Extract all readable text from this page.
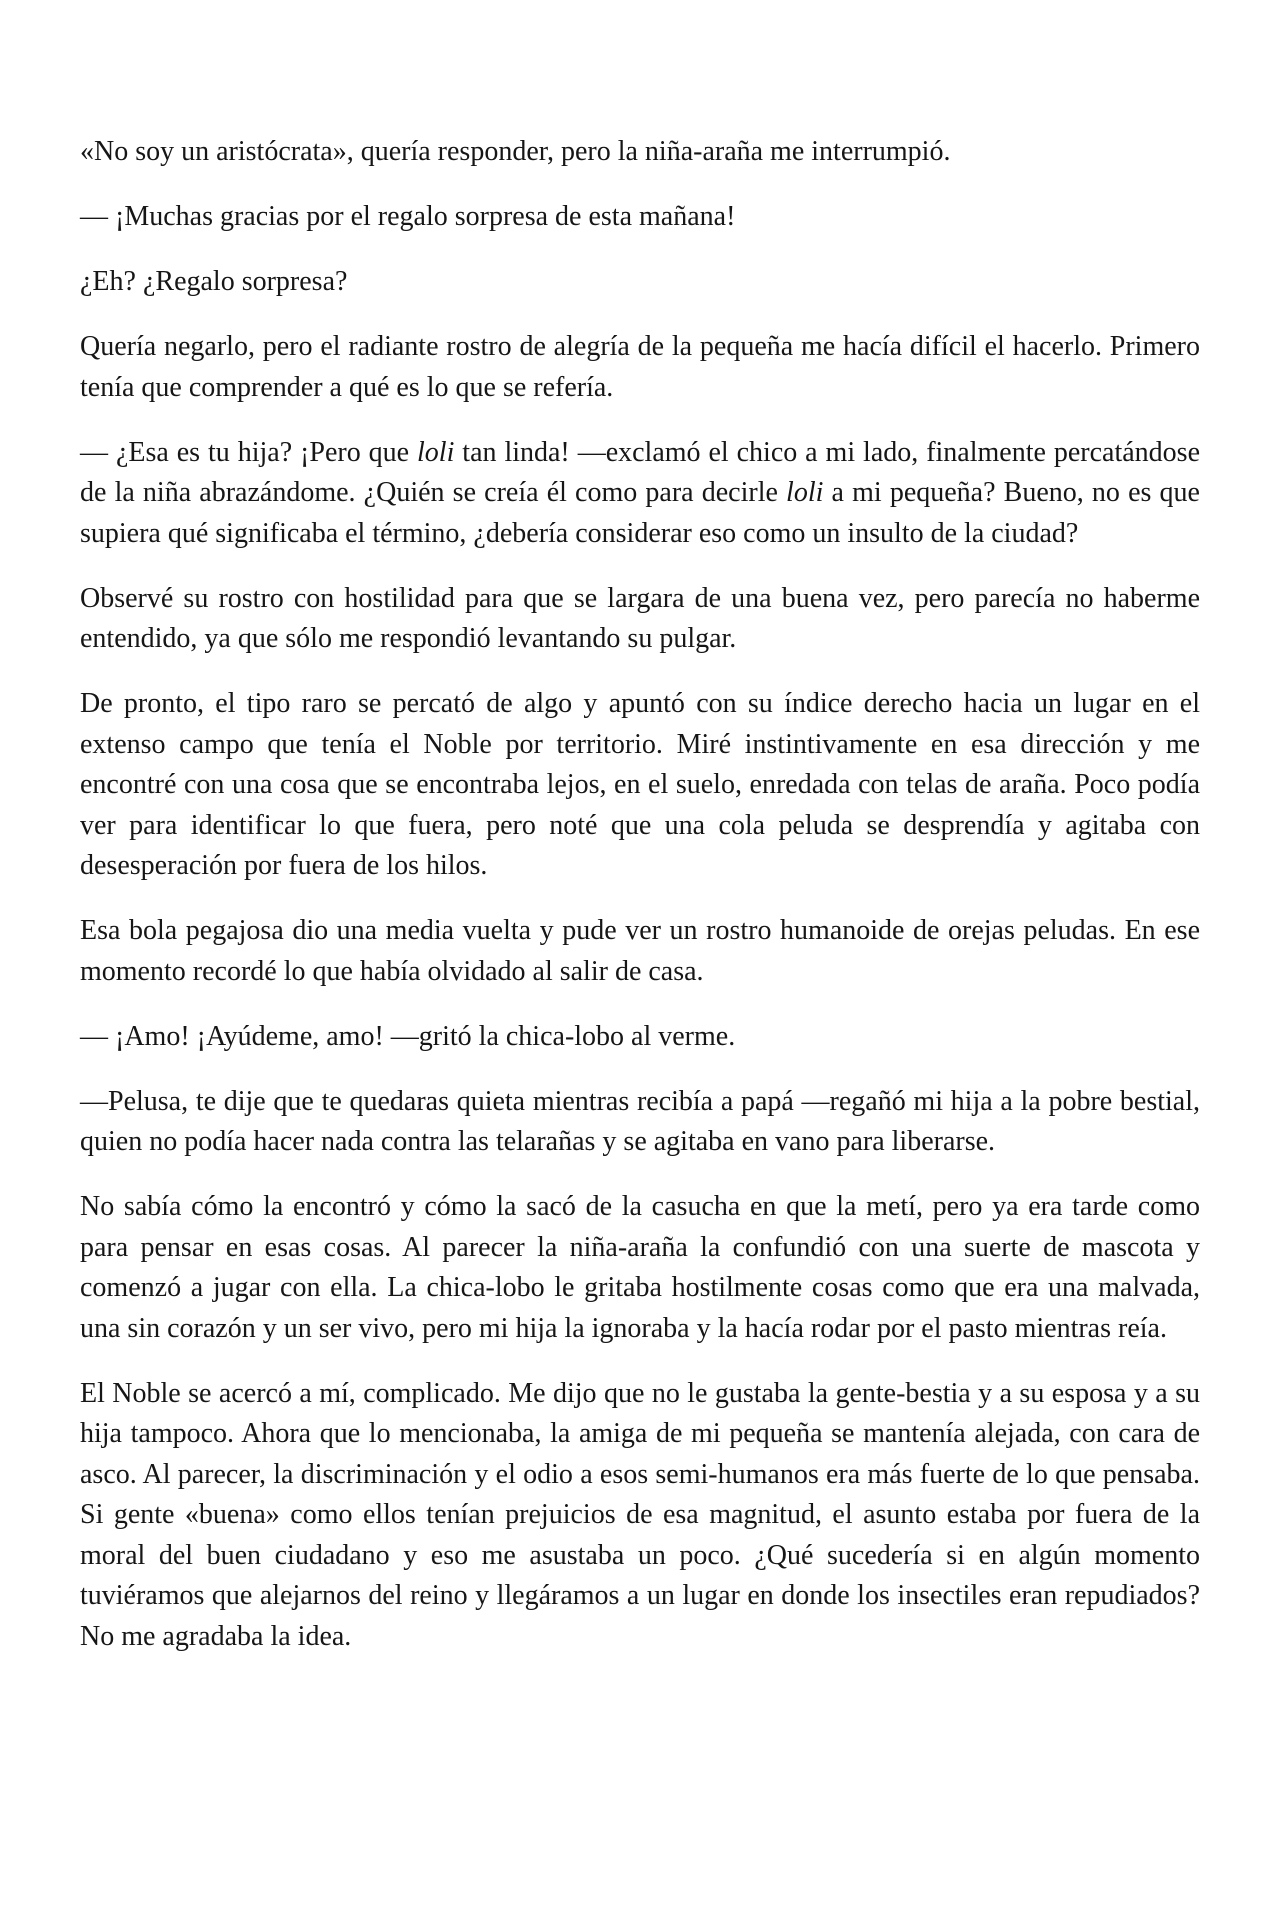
«No soy un aristócrata», quería responder, pero la niña-araña me interrumpió.

— ¡Muchas gracias por el regalo sorpresa de esta mañana!

¿Eh? ¿Regalo sorpresa?

Quería negarlo, pero el radiante rostro de alegría de la pequeña me hacía difícil el hacerlo. Primero tenía que comprender a qué es lo que se refería.

— ¿Esa es tu hija? ¡Pero que loli tan linda! —exclamó el chico a mi lado, finalmente percatándose de la niña abrazándome. ¿Quién se creía él como para decirle loli a mi pequeña? Bueno, no es que supiera qué significaba el término, ¿debería considerar eso como un insulto de la ciudad?

Observé su rostro con hostilidad para que se largara de una buena vez, pero parecía no haberme entendido, ya que sólo me respondió levantando su pulgar.

De pronto, el tipo raro se percató de algo y apuntó con su índice derecho hacia un lugar en el extenso campo que tenía el Noble por territorio. Miré instintivamente en esa dirección y me encontré con una cosa que se encontraba lejos, en el suelo, enredada con telas de araña. Poco podía ver para identificar lo que fuera, pero noté que una cola peluda se desprendía y agitaba con desesperación por fuera de los hilos.

Esa bola pegajosa dio una media vuelta y pude ver un rostro humanoide de orejas peludas. En ese momento recordé lo que había olvidado al salir de casa.

— ¡Amo! ¡Ayúdeme, amo! —gritó la chica-lobo al verme.

—Pelusa, te dije que te quedaras quieta mientras recibía a papá —regañó mi hija a la pobre bestial, quien no podía hacer nada contra las telarañas y se agitaba en vano para liberarse.

No sabía cómo la encontró y cómo la sacó de la casucha en que la metí, pero ya era tarde como para pensar en esas cosas. Al parecer la niña-araña la confundió con una suerte de mascota y comenzó a jugar con ella. La chica-lobo le gritaba hostilmente cosas como que era una malvada, una sin corazón y un ser vivo, pero mi hija la ignoraba y la hacía rodar por el pasto mientras reía.

El Noble se acercó a mí, complicado. Me dijo que no le gustaba la gente-bestia y a su esposa y a su hija tampoco. Ahora que lo mencionaba, la amiga de mi pequeña se mantenía alejada, con cara de asco. Al parecer, la discriminación y el odio a esos semi-humanos era más fuerte de lo que pensaba. Si gente «buena» como ellos tenían prejuicios de esa magnitud, el asunto estaba por fuera de la moral del buen ciudadano y eso me asustaba un poco. ¿Qué sucedería si en algún momento tuviéramos que alejarnos del reino y llegáramos a un lugar en donde los insectiles eran repudiados? No me agradaba la idea.
